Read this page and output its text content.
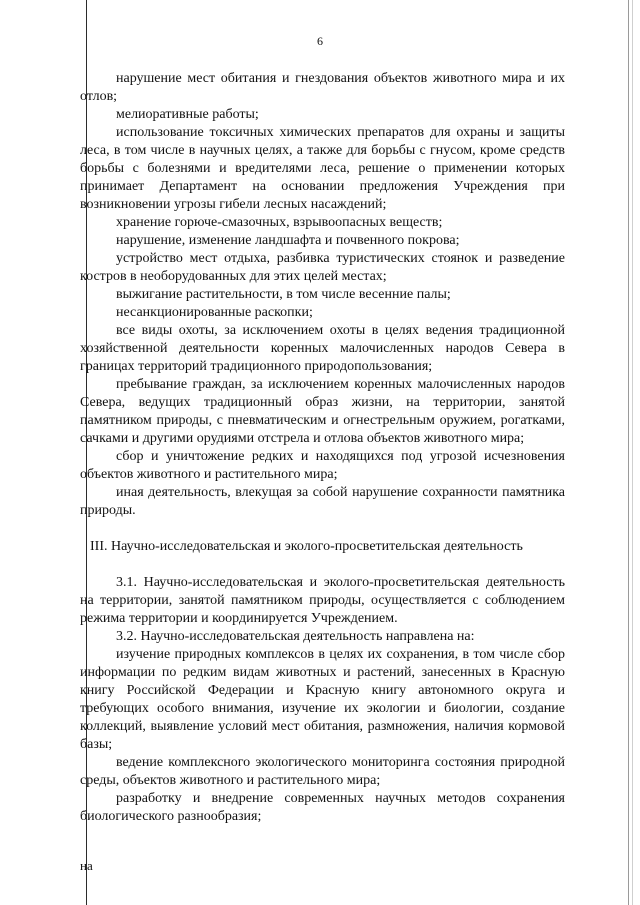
6

нарушение мест обитания и гнездования объектов животного мира и их отлов;

мелиоративные работы;

использование токсичных химических препаратов для охраны и защиты леса, в том числе в научных целях, а также для борьбы с гнусом, кроме средств борьбы с болезнями и вредителями леса, решение о применении которых принимает Департамент на основании предложения Учреждения при возникновении угрозы гибели лесных насаждений;

хранение горюче-смазочных, взрывоопасных веществ;

нарушение, изменение ландшафта и почвенного покрова;

устройство мест отдыха, разбивка туристических стоянок и разведение костров в необорудованных для этих целей местах;

выжигание растительности, в том числе весенние палы;

несанкционированные раскопки;

все виды охоты, за исключением охоты в целях ведения традиционной хозяйственной деятельности коренных малочисленных народов Севера в границах территорий традиционного природопользования;

пребывание граждан, за исключением коренных малочисленных народов Севера, ведущих традиционный образ жизни, на территории, занятой памятником природы, с пневматическим и огнестрельным оружием, рогатками, сачками и другими орудиями отстрела и отлова объектов животного мира;

сбор и уничтожение редких и находящихся под угрозой исчезновения объектов животного и растительного мира;

иная деятельность, влекущая за собой нарушение сохранности памятника природы.

III. Научно-исследовательская и эколого-просветительская деятельность

3.1. Научно-исследовательская и эколого-просветительская деятельность на территории, занятой памятником природы, осуществляется с соблюдением режима территории и координируется Учреждением.

3.2. Научно-исследовательская деятельность направлена на:

изучение природных комплексов в целях их сохранения, в том числе сбор информации по редким видам животных и растений, занесенных в Красную книгу Российской Федерации и Красную книгу автономного округа и требующих особого внимания, изучение их экологии и биологии, создание коллекций, выявление условий мест обитания, размножения, наличия кормовой базы;

ведение комплексного экологического мониторинга состояния природной среды, объектов животного и растительного мира;

разработку и внедрение современных научных методов сохранения биологического разнообразия;

на
